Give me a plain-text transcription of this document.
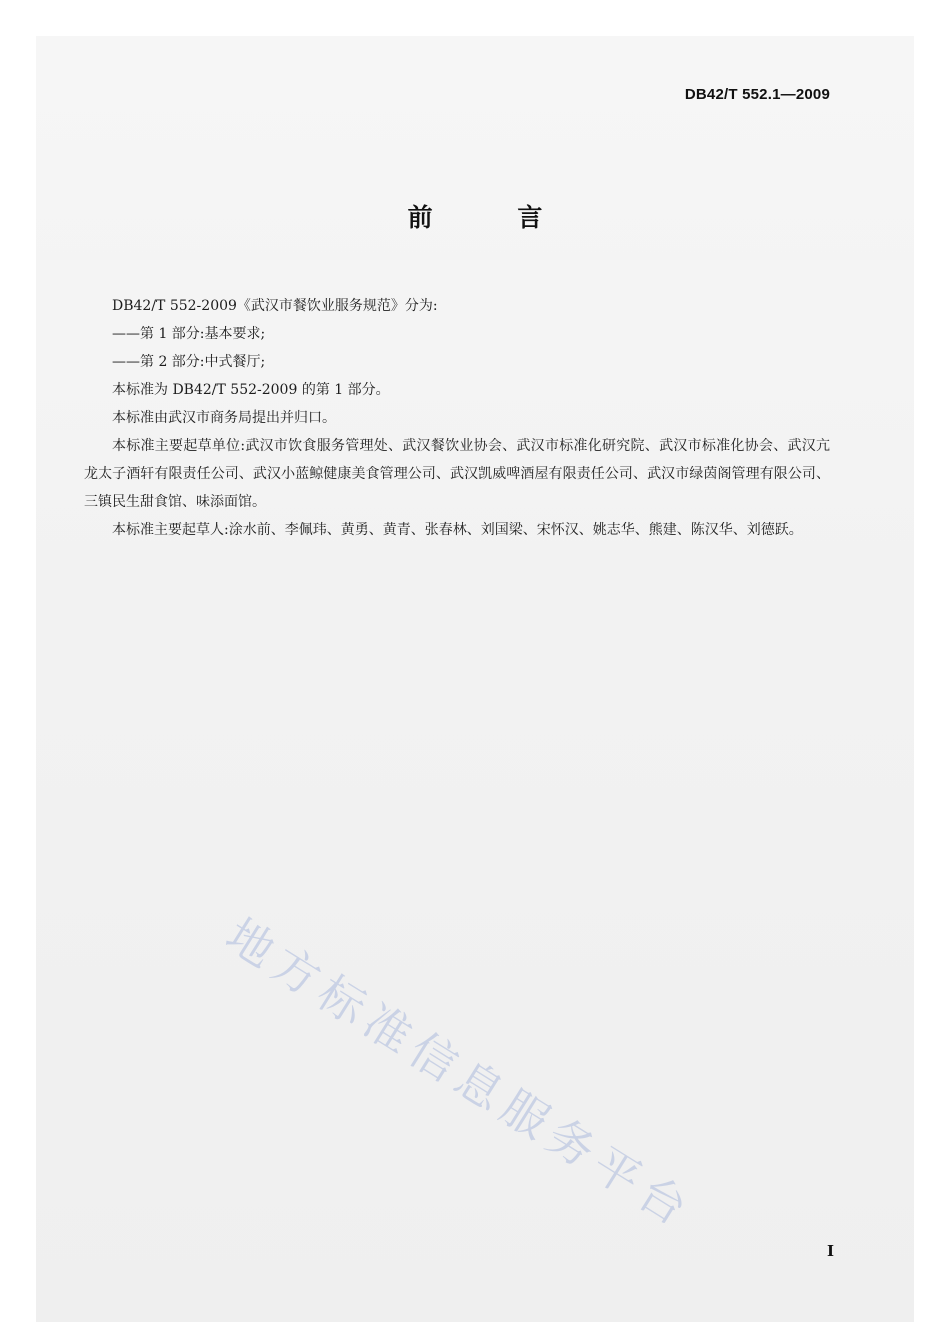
DB42/T 552.1—2009
前 言

DB42/T 552-2009《武汉市餐饮业服务规范》分为:

——第 1 部分:基本要求;

——第 2 部分:中式餐厅;

本标准为 DB42/T 552-2009 的第 1 部分。

本标准由武汉市商务局提出并归口。

本标准主要起草单位:武汉市饮食服务管理处、武汉餐饮业协会、武汉市标准化研究院、武汉市标准化协会、武汉亢龙太子酒轩有限责任公司、武汉小蓝鲸健康美食管理公司、武汉凯威啤酒屋有限责任公司、武汉市绿茵阁管理有限公司、三镇民生甜食馆、味添面馆。

本标准主要起草人:涂水前、李佩玮、黄勇、黄青、张春林、刘国梁、宋怀汉、姚志华、熊建、陈汉华、刘德跃。

地方标准信息服务平台
I
